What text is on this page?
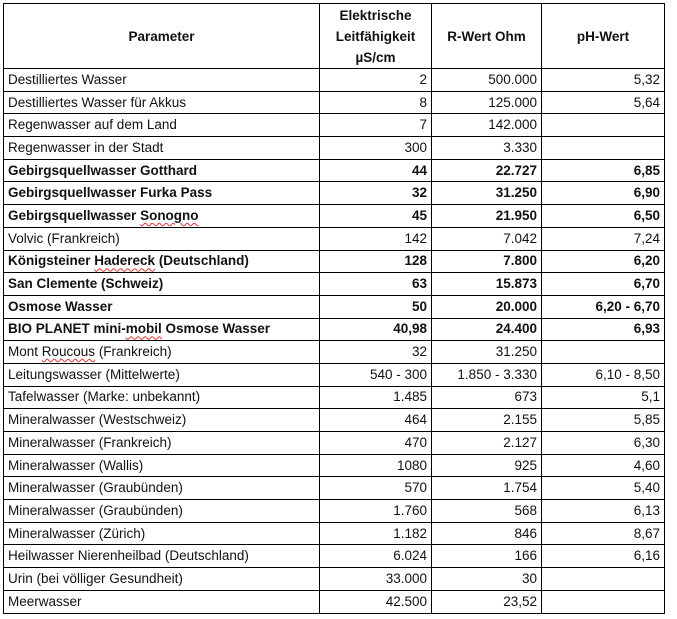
Parameter	Elektrische
Leitfähigkeit
µS/cm	R-Wert Ohm	pH-Wert
Destilliertes Wasser	2	500.000	5,32
Destilliertes Wasser für Akkus	8	125.000	5,64
Regenwasser auf dem Land	7	142.000	
Regenwasser in der Stadt	300	3.330	
Gebirgsquellwasser Gotthard	44	22.727	6,85
Gebirgsquellwasser Furka Pass	32	31.250	6,90
Gebirgsquellwasser Sonogno	45	21.950	6,50
Volvic (Frankreich)	142	7.042	7,24
Königsteiner Hadereck (Deutschland)	128	7.800	6,20
San Clemente (Schweiz)	63	15.873	6,70
Osmose Wasser	50	20.000	6,20 - 6,70
BIO PLANET mini-mobil Osmose Wasser	40,98	24.400	6,93
Mont Roucous (Frankreich)	32	31.250	
Leitungswasser (Mittelwerte)	540 - 300	1.850 - 3.330	6,10 - 8,50
Tafelwasser (Marke: unbekannt)	1.485	673	5,1
Mineralwasser (Westschweiz)	464	2.155	5,85
Mineralwasser (Frankreich)	470	2.127	6,30
Mineralwasser (Wallis)	1080	925	4,60
Mineralwasser (Graubünden)	570	1.754	5,40
Mineralwasser (Graubünden)	1.760	568	6,13
Mineralwasser (Zürich)	1.182	846	8,67
Heilwasser Nierenheilbad (Deutschland)	6.024	166	6,16
Urin (bei völliger Gesundheit)	33.000	30	
Meerwasser	42.500	23,52	
